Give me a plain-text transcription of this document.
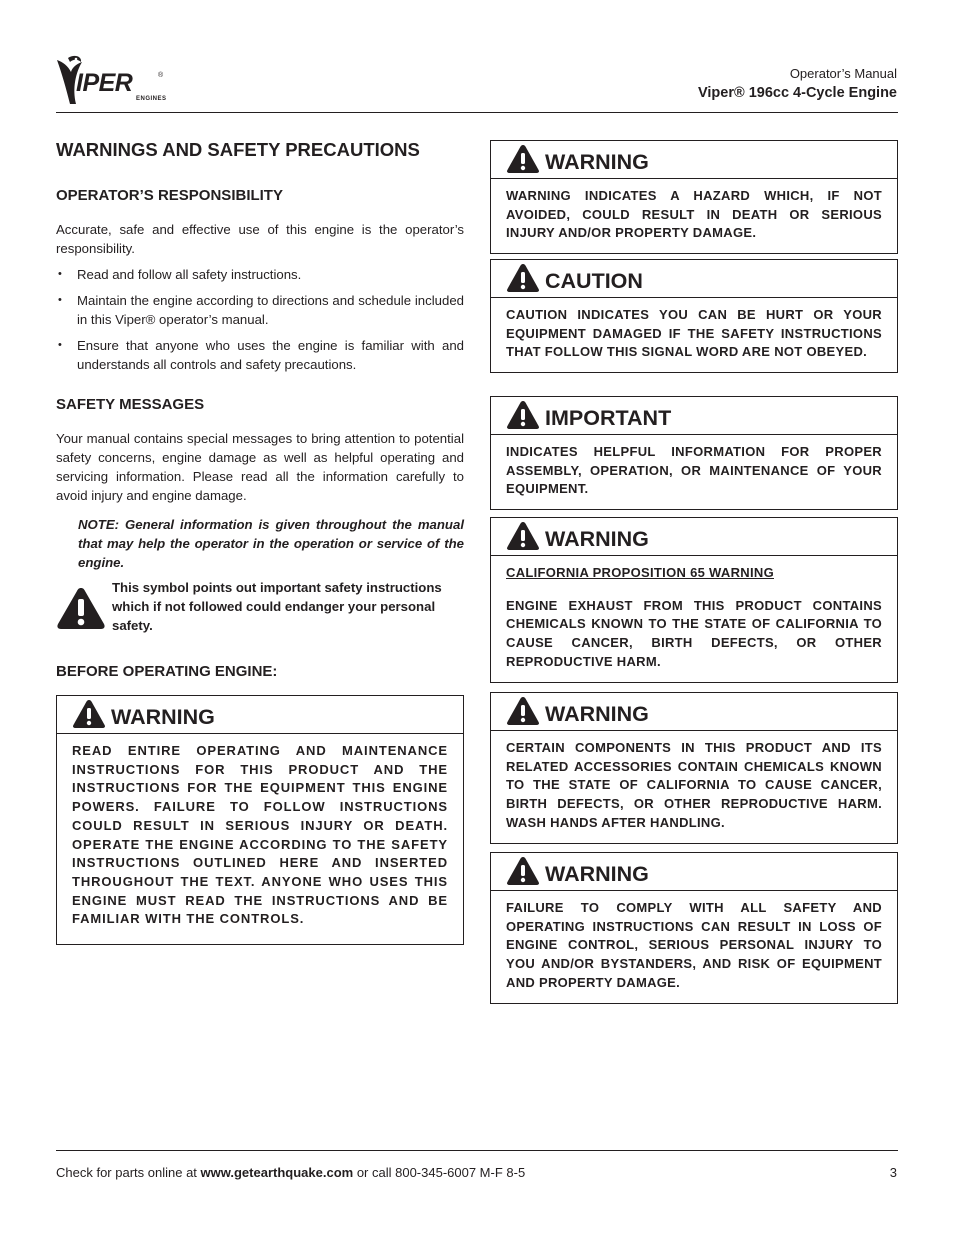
IPER	®
ENGINES
Operator’s Manual
Viper® 196cc 4-Cycle Engine
WARNINGS AND SAFETY PRECAUTIONS
OPERATOR’S RESPONSIBILITY

Accurate, safe and effective use of this engine is the operator’s responsibility.

• Read and follow all safety instructions.
• Maintain the engine according to directions and schedule included in this Viper® operator’s manual.
• Ensure that anyone who uses the engine is familiar with and understands all controls and safety precautions.
SAFETY MESSAGES

Your manual contains special messages to bring attention to potential safety concerns, engine damage as well as helpful operating and servicing information. Please read all the information carefully to avoid injury and engine damage.

NOTE: General information is given throughout the manual that may help the operator in the operation or service of the engine.

This symbol points out important safety instructions which if not followed could endanger your personal safety.
BEFORE OPERATING ENGINE:
WARNING
READ ENTIRE OPERATING AND MAINTENANCE INSTRUCTIONS FOR THIS PRODUCT AND THE INSTRUCTIONS FOR THE EQUIPMENT THIS ENGINE POWERS. FAILURE TO FOLLOW INSTRUCTIONS COULD RESULT IN SERIOUS INJURY OR DEATH. OPERATE THE ENGINE ACCORDING TO THE SAFETY INSTRUCTIONS OUTLINED HERE AND INSERTED THROUGHOUT THE TEXT. ANYONE WHO USES THIS ENGINE MUST READ THE INSTRUCTIONS AND BE FAMILIAR WITH THE CONTROLS.
WARNING
WARNING INDICATES A HAZARD WHICH, IF NOT AVOIDED, COULD RESULT IN DEATH OR SERIOUS INJURY AND/OR PROPERTY DAMAGE.
CAUTION
CAUTION INDICATES YOU CAN BE HURT OR YOUR EQUIPMENT DAMAGED IF THE SAFETY INSTRUCTIONS THAT FOLLOW THIS SIGNAL WORD ARE NOT OBEYED.
IMPORTANT
INDICATES HELPFUL INFORMATION FOR PROPER ASSEMBLY, OPERATION, OR MAINTENANCE OF YOUR EQUIPMENT.
WARNING
CALIFORNIA PROPOSITION 65 WARNING
ENGINE EXHAUST FROM THIS PRODUCT CONTAINS CHEMICALS KNOWN TO THE STATE OF CALIFORNIA TO CAUSE CANCER, BIRTH DEFECTS, OR OTHER REPRODUCTIVE HARM.
WARNING
CERTAIN COMPONENTS IN THIS PRODUCT AND ITS RELATED ACCESSORIES CONTAIN CHEMICALS KNOWN TO THE STATE OF CALIFORNIA TO CAUSE CANCER, BIRTH DEFECTS, OR OTHER REPRODUCTIVE HARM. WASH HANDS AFTER HANDLING.
WARNING
FAILURE TO COMPLY WITH ALL SAFETY AND OPERATING INSTRUCTIONS CAN RESULT IN LOSS OF ENGINE CONTROL, SERIOUS PERSONAL INJURY TO YOU AND/OR BYSTANDERS, AND RISK OF EQUIPMENT AND PROPERTY DAMAGE.
Check for parts online at www.getearthquake.com or call 800-345-6007 M-F 8-5	3
